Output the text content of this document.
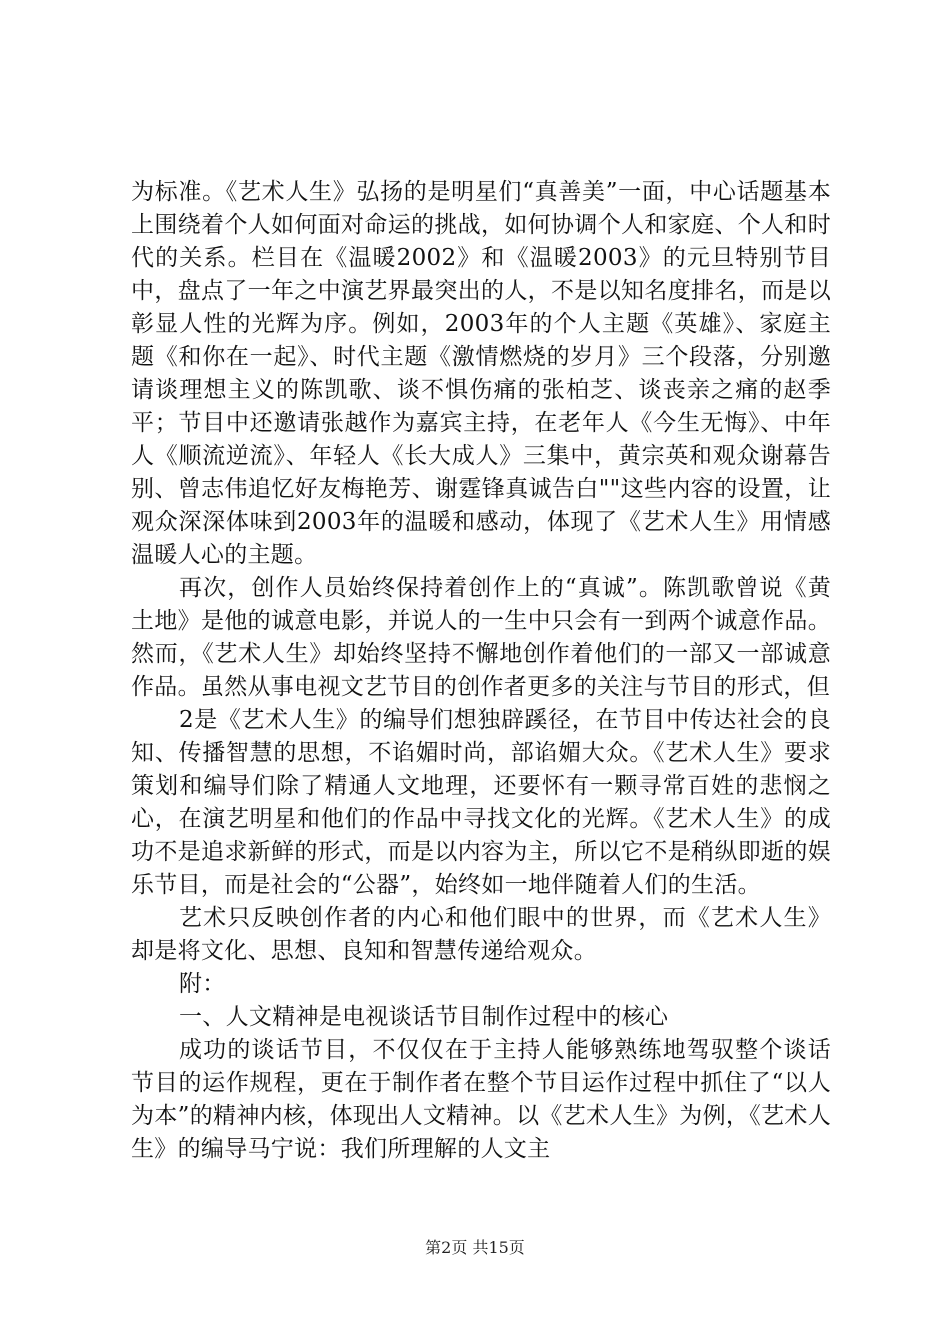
为标准。《艺术人生》弘扬的是明星们“真善美”一面，中心话题基本上围绕着个人如何面对命运的挑战，如何协调个人和家庭、个人和时代的关系。栏目在《温暖2002》和《温暖2003》的元旦特别节目中，盘点了一年之中演艺界最突出的人，不是以知名度排名，而是以彰显人性的光辉为序。例如，2003年的个人主题《英雄》、家庭主题《和你在一起》、时代主题《激情燃烧的岁月》三个段落，分别邀请谈理想主义的陈凯歌、谈不惧伤痛的张柏芝、谈丧亲之痛的赵季平；节目中还邀请张越作为嘉宾主持，在老年人《今生无悔》、中年人《顺流逆流》、年轻人《长大成人》三集中，黄宗英和观众谢幕告别、曾志伟追忆好友梅艳芳、谢霆锋真诚告白""这些内容的设置，让观众深深体味到2003年的温暖和感动，体现了《艺术人生》用情感温暖人心的主题。

再次，创作人员始终保持着创作上的“真诚”。陈凯歌曾说《黄土地》是他的诚意电影，并说人的一生中只会有一到两个诚意作品。然而，《艺术人生》却始终坚持不懈地创作着他们的一部又一部诚意作品。虽然从事电视文艺节目的创作者更多的关注与节目的形式，但

2是《艺术人生》的编导们想独辟蹊径，在节目中传达社会的良知、传播智慧的思想，不谄媚时尚，部谄媚大众。《艺术人生》要求策划和编导们除了精通人文地理，还要怀有一颗寻常百姓的悲悯之心，在演艺明星和他们的作品中寻找文化的光辉。《艺术人生》的成功不是追求新鲜的形式，而是以内容为主，所以它不是稍纵即逝的娱乐节目，而是社会的“公器”，始终如一地伴随着人们的生活。

艺术只反映创作者的内心和他们眼中的世界，而《艺术人生》却是将文化、思想、良知和智慧传递给观众。

附：

一、人文精神是电视谈话节目制作过程中的核心

成功的谈话节目，不仅仅在于主持人能够熟练地驾驭整个谈话节目的运作规程，更在于制作者在整个节目运作过程中抓住了“以人为本”的精神内核，体现出人文精神。以《艺术人生》为例，《艺术人生》的编导马宁说：我们所理解的人文主

第2页 共15页
